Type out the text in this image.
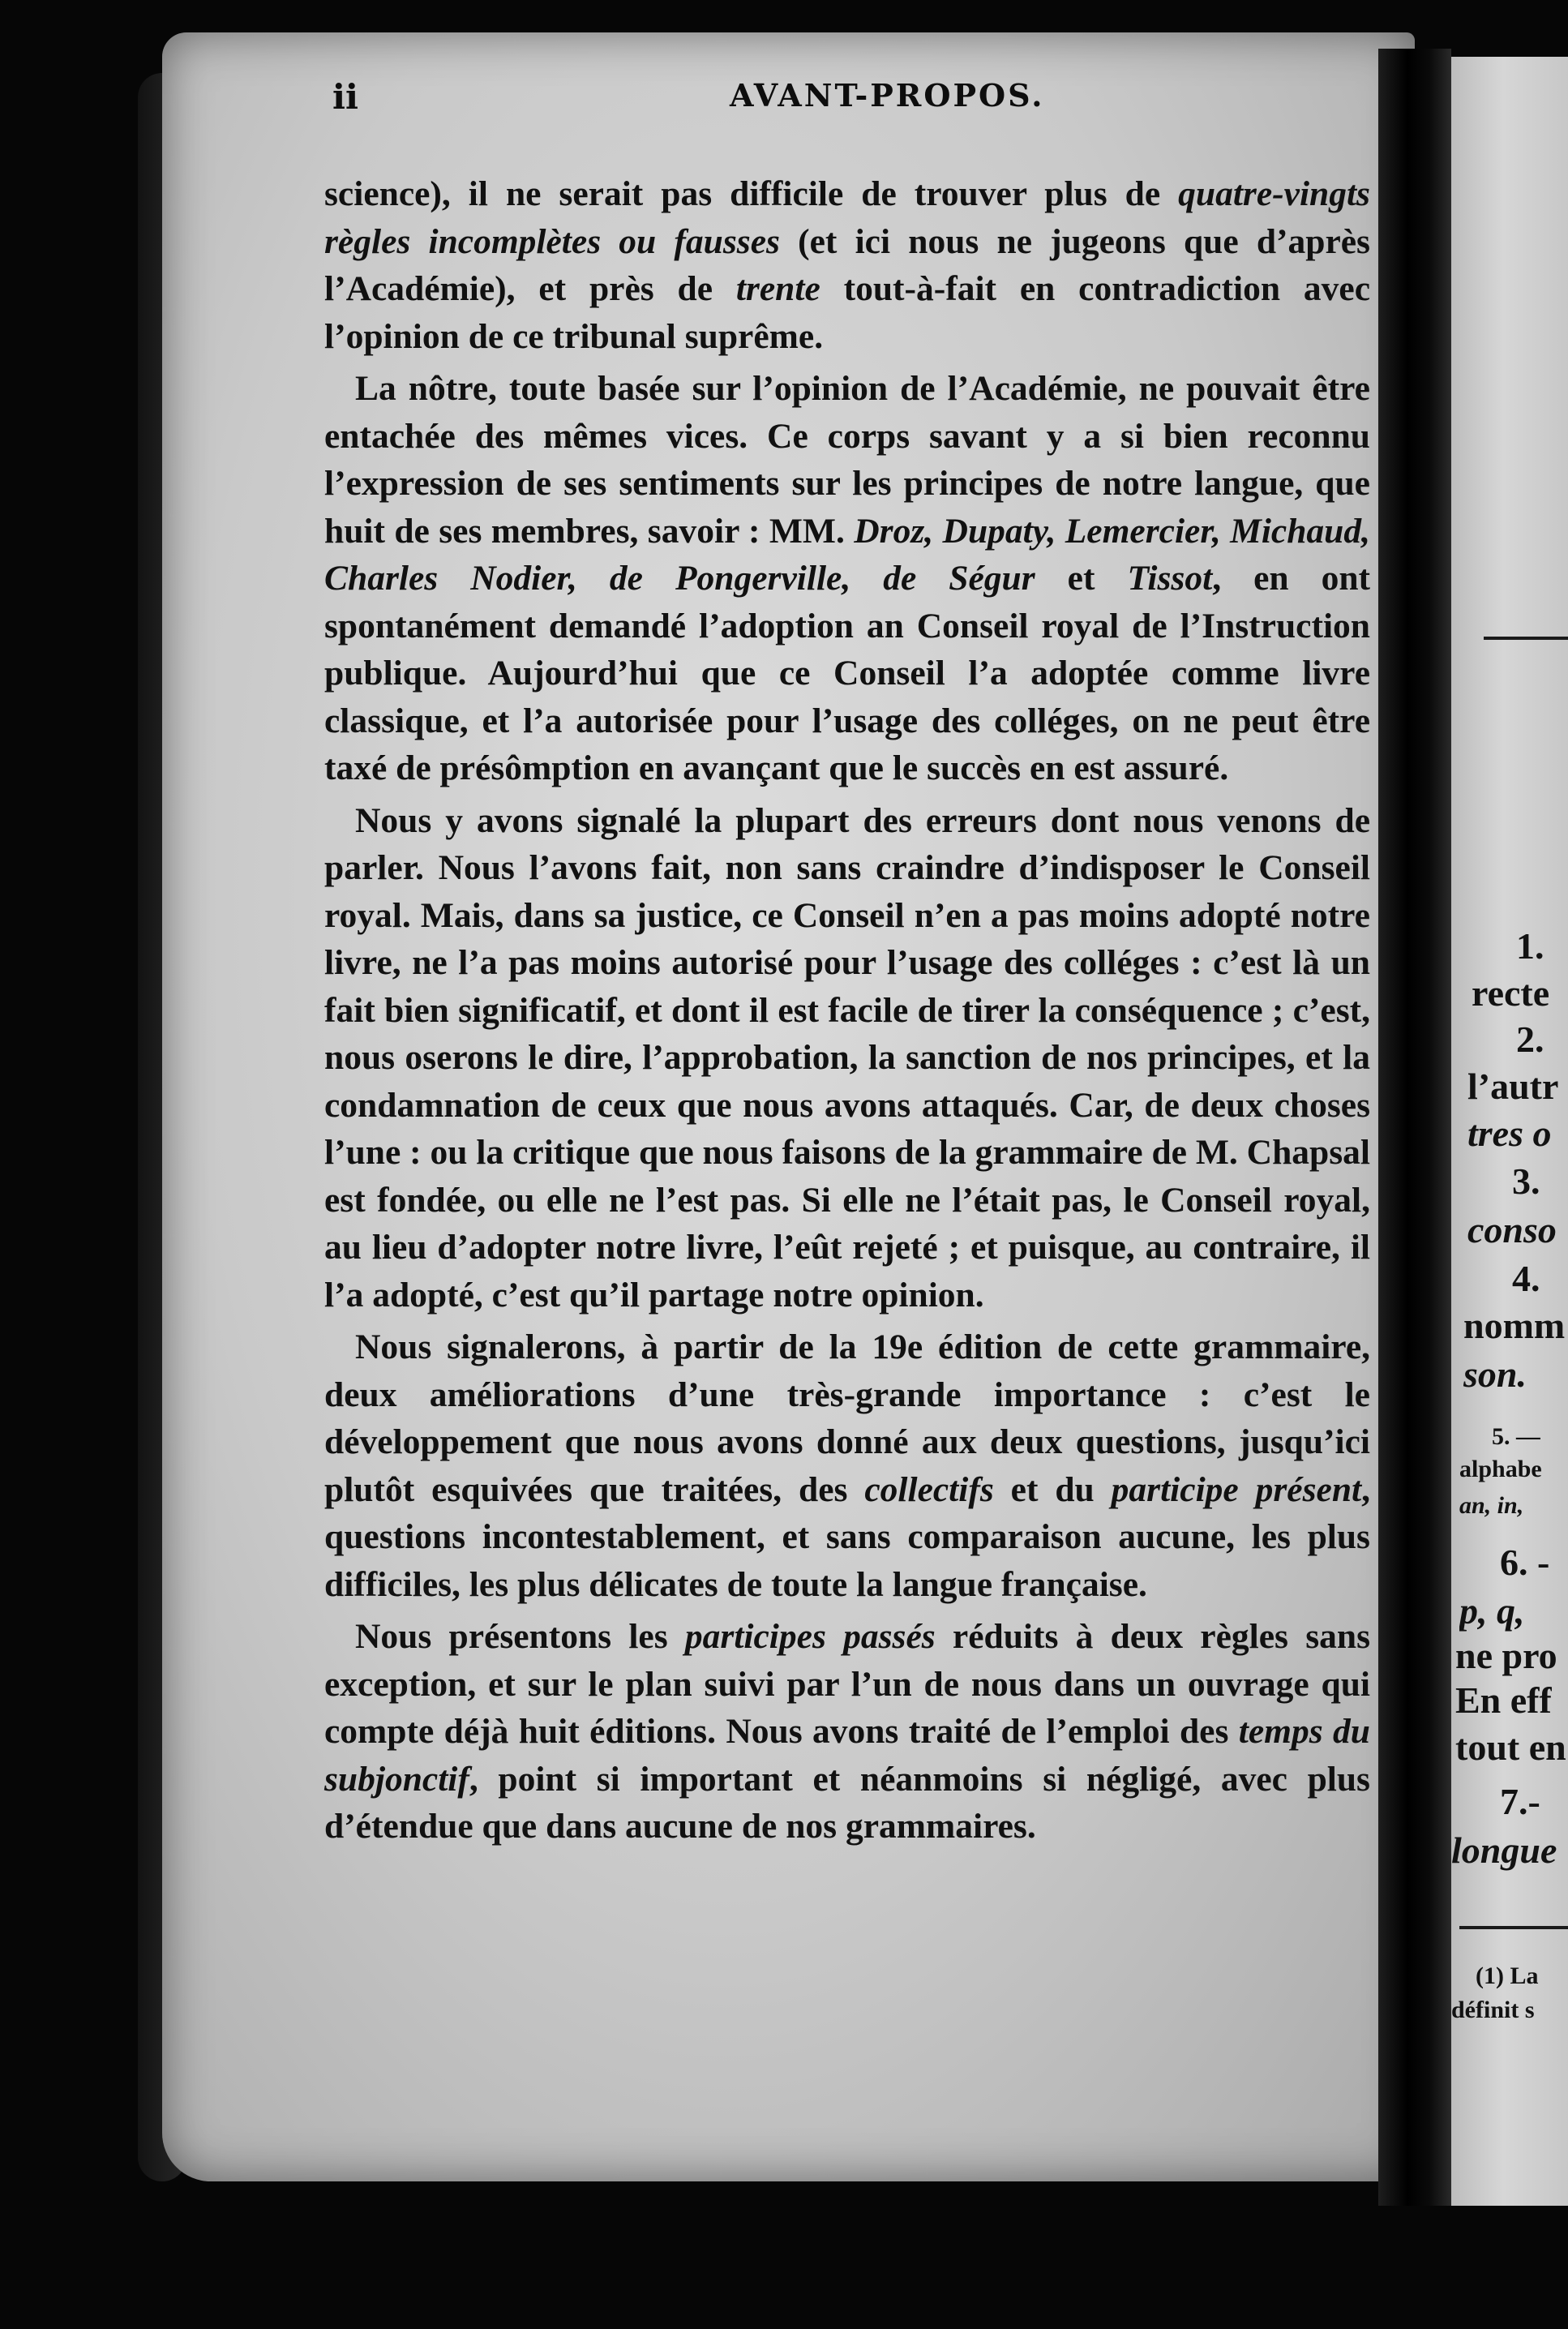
ii	AVANT-PROPOS.

science), il ne serait pas difficile de trouver plus de quatre-vingts règles incomplètes ou fausses (et ici nous ne jugeons que d’après l’Académie), et près de trente tout-à-fait en contradiction avec l’opinion de ce tribunal suprême.

La nôtre, toute basée sur l’opinion de l’Académie, ne pouvait être entachée des mêmes vices. Ce corps savant y a si bien reconnu l’expression de ses sentiments sur les principes de notre langue, que huit de ses membres, savoir : MM. Droz, Dupaty, Lemercier, Michaud, Charles Nodier, de Pongerville, de Ségur et Tissot, en ont spontanément demandé l’adoption an Conseil royal de l’Instruction publique. Aujourd’hui que ce Conseil l’a adoptée comme livre classique, et l’a autorisée pour l’usage des colléges, on ne peut être taxé de présômption en avançant que le succès en est assuré.

Nous y avons signalé la plupart des erreurs dont nous venons de parler. Nous l’avons fait, non sans craindre d’indisposer le Conseil royal. Mais, dans sa justice, ce Conseil n’en a pas moins adopté notre livre, ne l’a pas moins autorisé pour l’usage des colléges : c’est là un fait bien significatif, et dont il est facile de tirer la conséquence ; c’est, nous oserons le dire, l’approbation, la sanction de nos principes, et la condamnation de ceux que nous avons attaqués. Car, de deux choses l’une : ou la critique que nous faisons de la grammaire de M. Chapsal est fondée, ou elle ne l’est pas. Si elle ne l’était pas, le Conseil royal, au lieu d’adopter notre livre, l’eût rejeté ; et puisque, au contraire, il l’a adopté, c’est qu’il partage notre opinion.

Nous signalerons, à partir de la 19e édition de cette grammaire, deux améliorations d’une très-grande importance : c’est le développement que nous avons donné aux deux questions, jusqu’ici plutôt esquivées que traitées, des collectifs et du participe présent, questions incontestablement, et sans comparaison aucune, les plus difficiles, les plus délicates de toute la langue française.

Nous présentons les participes passés réduits à deux règles sans exception, et sur le plan suivi par l’un de nous dans un ouvrage qui compte déjà huit éditions. Nous avons traité de l’emploi des temps du subjonctif, point si important et néanmoins si négligé, avec plus d’étendue que dans aucune de nos grammaires.

1.
recte
2.
l’autr
tres o
3.
conso
4.
nomm
son.
5. —
alphabe
an, in,
6. -
p, q,
ne pro
En eff
tout en
7.-
longue
(1) La
définit s
